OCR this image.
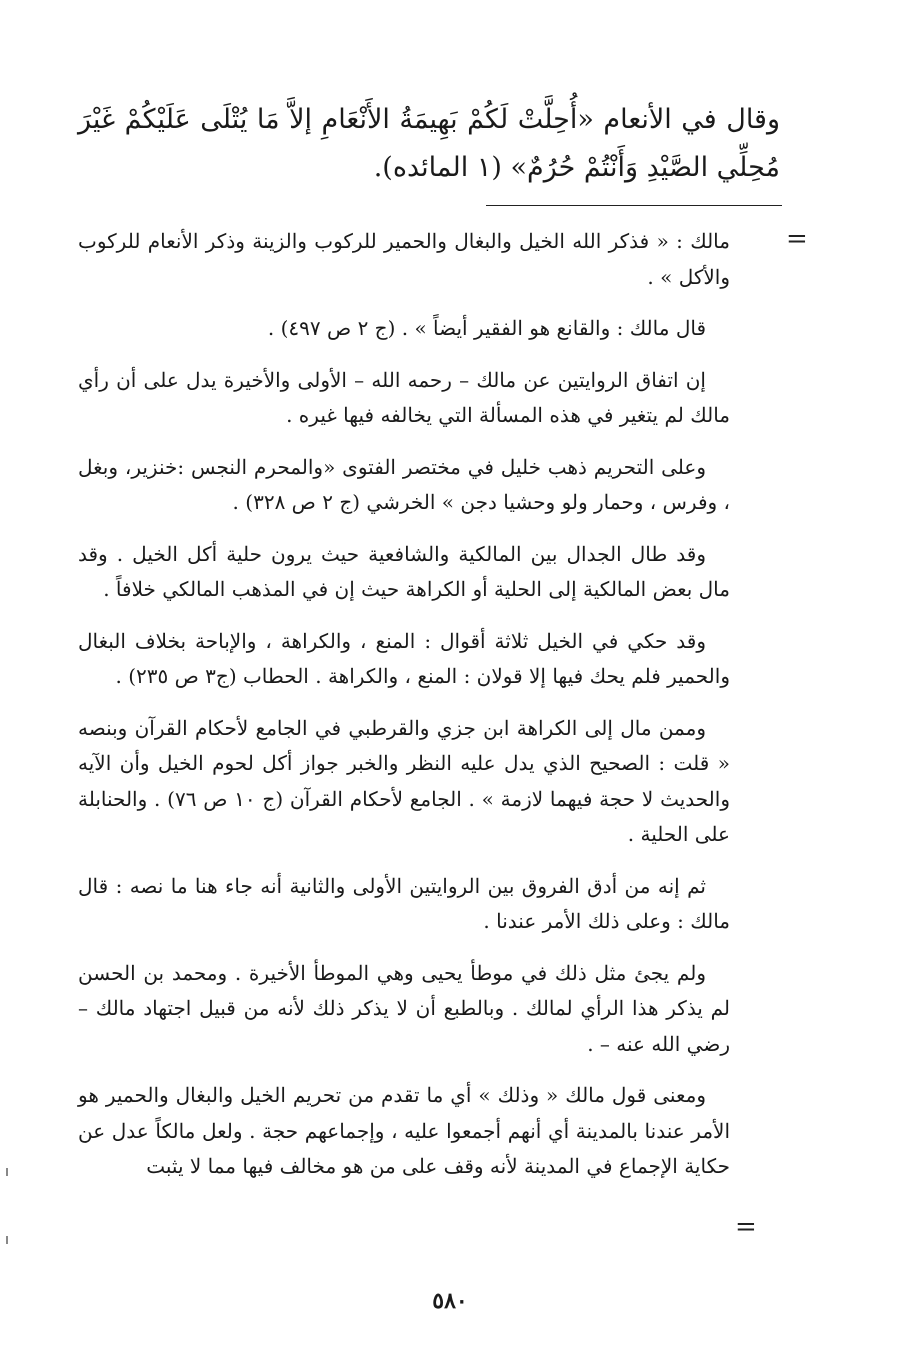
وقال في الأنعام «أُحِلَّتْ لَكُمْ بَهِيمَةُ الأَنْعَامِ إلاَّ مَا يُتْلَى عَلَيْكُمْ غَيْرَ مُحِلِّي الصَّيْدِ وَأَنْتُمْ حُرُمٌ» (١ المائده).
=

مالك : « فذكر الله الخيل والبغال والحمير للركوب والزينة وذكر الأنعام للركوب والأكل » .

قال مالك : والقانع هو الفقير أيضاً » . (ج ٢ ص ٤٩٧) .

إن اتفاق الروايتين عن مالك – رحمه الله – الأولى والأخيرة يدل على أن رأي مالك لم يتغير في هذه المسألة التي يخالفه فيها غيره .

وعلى التحريم ذهب خليل في مختصر الفتوى «والمحرم النجس :خنزير، وبغل ، وفرس ، وحمار ولو وحشيا دجن » الخرشي (ج ٢ ص ٣٢٨) .

وقد طال الجدال بين المالكية والشافعية حيث يرون حلية أكل الخيل . وقد مال بعض المالكية إلى الحلية أو الكراهة حيث إن في المذهب المالكي خلافاً .

وقد حكي في الخيل ثلاثة أقوال : المنع ، والكراهة ، والإباحة بخلاف البغال والحمير فلم يحك فيها إلا قولان : المنع ، والكراهة . الحطاب (ج٣ ص ٢٣٥) .

وممن مال إلى الكراهة ابن جزي والقرطبي في الجامع لأحكام القرآن وبنصه « قلت : الصحيح الذي يدل عليه النظر والخبر جواز أكل لحوم الخيل وأن الآيه والحديث لا حجة فيهما لازمة » . الجامع لأحكام القرآن (ج ١٠ ص ٧٦) . والحنابلة على الحلية .

ثم إنه من أدق الفروق بين الروايتين الأولى والثانية أنه جاء هنا ما نصه : قال مالك : وعلى ذلك الأمر عندنا .

ولم يجئ مثل ذلك في موطأ يحيى وهي الموطأ الأخيرة . ومحمد بن الحسن لم يذكر هذا الرأي لمالك . وبالطبع أن لا يذكر ذلك لأنه من قبيل اجتهاد مالك – رضي الله عنه – .

ومعنى قول مالك « وذلك » أي ما تقدم من تحريم الخيل والبغال والحمير هو الأمر عندنا بالمدينة أي أنهم أجمعوا عليه ، وإجماعهم حجة . ولعل مالكاً عدل عن حكاية الإجماع في المدينة لأنه وقف على من هو مخالف فيها مما لا يثبت

=
٥٨٠
